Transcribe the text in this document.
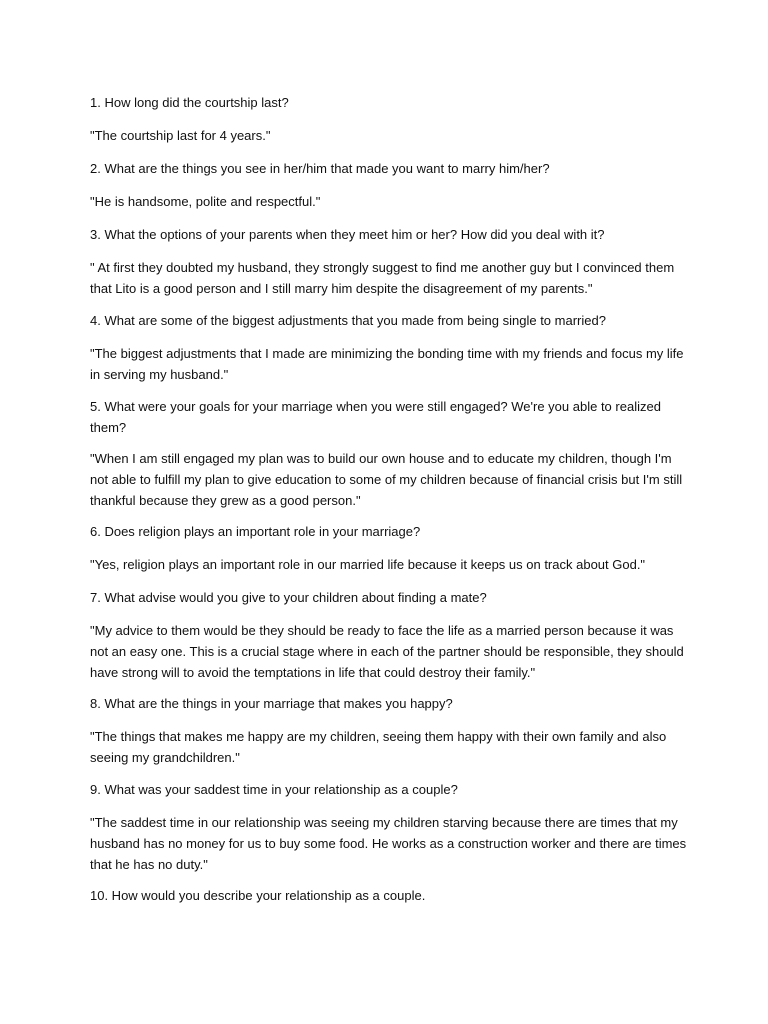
1. How long did the courtship last?

"The courtship last for 4 years."

2. What are the things you see in her/him that made you want to marry him/her?

"He is handsome, polite and respectful."

3. What the options of your parents when they meet him or her? How did you deal with it?

" At first they doubted my husband, they strongly suggest to find me another guy but I convinced them that Lito is a good person and I still marry him despite the disagreement of my parents."

4. What are some of the biggest adjustments that you made from being single to married?

"The biggest adjustments that I made are minimizing the bonding time with my friends and focus my life in serving my husband."

5. What were your goals for your marriage when you were still engaged? We're you able to realized them?

"When I am still engaged my plan was to build our own house and to educate my children, though I'm not able to fulfill my plan to give education to some of my children because of financial crisis but I'm still thankful because they grew as a good person."

6. Does religion plays an important role in your marriage?

"Yes, religion plays an important role in our married life because it keeps us on track about God."

7. What advise would you give to your children about finding a mate?

"My advice to them would be they should be ready to face the life as a married person because it was not an easy one. This is a crucial stage where in each of the partner should be responsible, they should have strong will to avoid the temptations in life that could destroy their family."

8. What are the things in your marriage that makes you happy?

"The things that makes me happy are my children, seeing them happy with their own family and also seeing my grandchildren."

9. What was your saddest time in your relationship as a couple?

"The saddest time in our relationship was seeing my children starving because there are times that my husband has no money for us to buy some food. He works as a construction worker and there are times that he has no duty."

10. How would you describe your relationship as a couple.
